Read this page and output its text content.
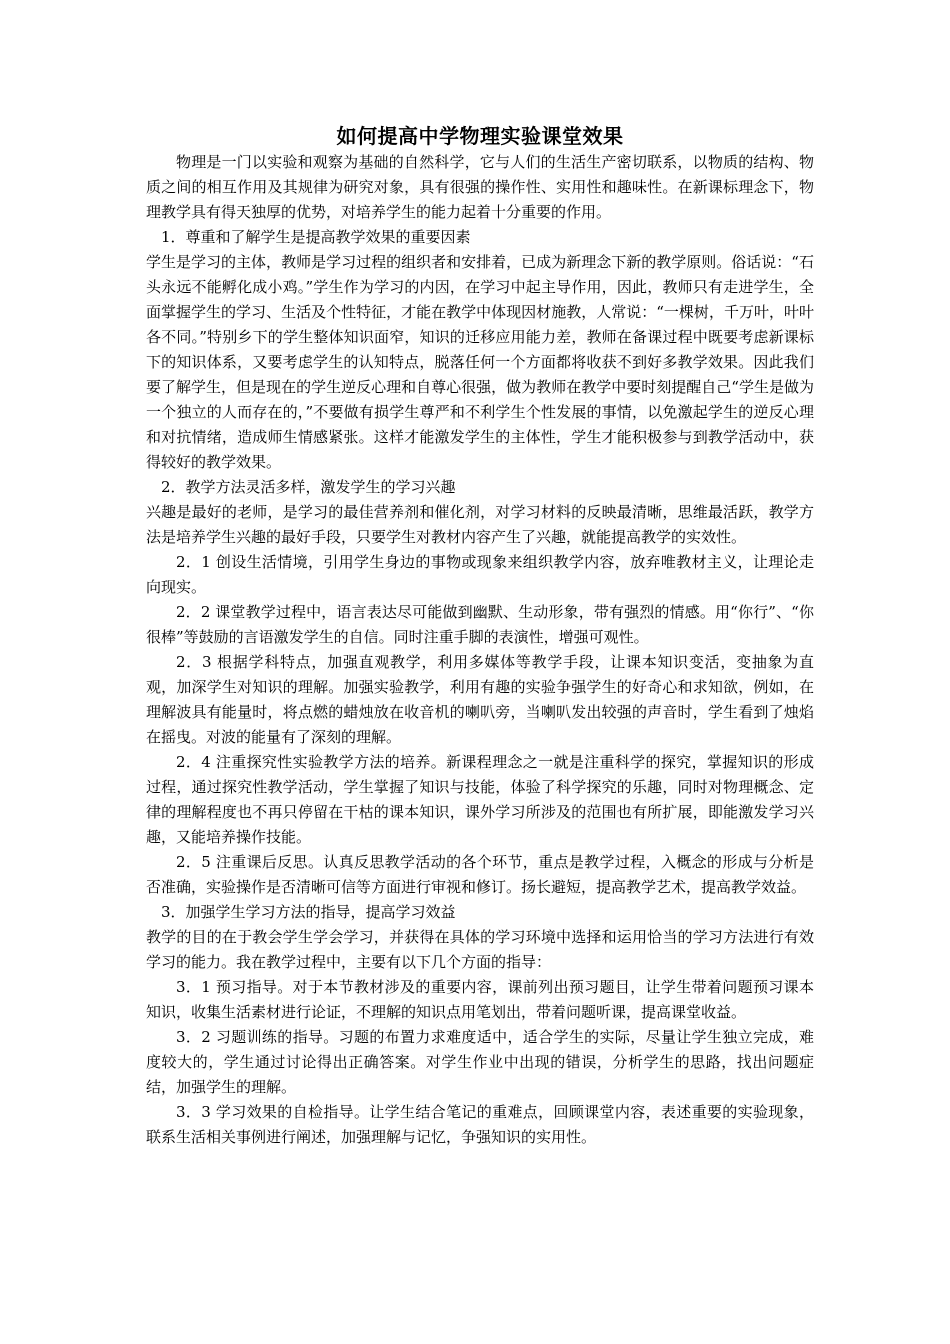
如何提高中学物理实验课堂效果

物理是一门以实验和观察为基础的自然科学，它与人们的生活生产密切联系，以物质的结构、物质之间的相互作用及其规律为研究对象，具有很强的操作性、实用性和趣味性。在新课标理念下，物理教学具有得天独厚的优势，对培养学生的能力起着十分重要的作用。

1．尊重和了解学生是提高教学效果的重要因素

学生是学习的主体，教师是学习过程的组织者和安排着，已成为新理念下新的教学原则。俗话说：“石头永远不能孵化成小鸡。”学生作为学习的内因，在学习中起主导作用，因此，教师只有走进学生，全面掌握学生的学习、生活及个性特征，才能在教学中体现因材施教，人常说：“一棵树，千万叶，叶叶各不同。”特别乡下的学生整体知识面窄，知识的迁移应用能力差，教师在备课过程中既要考虑新课标下的知识体系，又要考虑学生的认知特点，脱落任何一个方面都将收获不到好多教学效果。因此我们要了解学生，但是现在的学生逆反心理和自尊心很强，做为教师在教学中要时刻提醒自己“学生是做为一个独立的人而存在的，”不要做有损学生尊严和不利学生个性发展的事情，以免激起学生的逆反心理和对抗情绪，造成师生情感紧张。这样才能激发学生的主体性，学生才能积极参与到教学活动中，获得较好的教学效果。

2．教学方法灵活多样，激发学生的学习兴趣

兴趣是最好的老师，是学习的最佳营养剂和催化剂，对学习材料的反映最清晰，思维最活跃，教学方法是培养学生兴趣的最好手段，只要学生对教材内容产生了兴趣，就能提高教学的实效性。

2．1 创设生活情境，引用学生身边的事物或现象来组织教学内容，放弃唯教材主义，让理论走向现实。

2．2 课堂教学过程中，语言表达尽可能做到幽默、生动形象，带有强烈的情感。用“你行”、“你很棒”等鼓励的言语激发学生的自信。同时注重手脚的表演性，增强可观性。

2．3 根据学科特点，加强直观教学，利用多媒体等教学手段，让课本知识变活，变抽象为直观，加深学生对知识的理解。加强实验教学，利用有趣的实验争强学生的好奇心和求知欲，例如，在理解波具有能量时，将点燃的蜡烛放在收音机的喇叭旁，当喇叭发出较强的声音时，学生看到了烛焰在摇曳。对波的能量有了深刻的理解。

2．4 注重探究性实验教学方法的培养。新课程理念之一就是注重科学的探究，掌握知识的形成过程，通过探究性教学活动，学生掌握了知识与技能，体验了科学探究的乐趣，同时对物理概念、定律的理解程度也不再只停留在干枯的课本知识，课外学习所涉及的范围也有所扩展，即能激发学习兴趣，又能培养操作技能。

2．5 注重课后反思。认真反思教学活动的各个环节，重点是教学过程，入概念的形成与分析是否准确，实验操作是否清晰可信等方面进行审视和修订。扬长避短，提高教学艺术，提高教学效益。

3．加强学生学习方法的指导，提高学习效益

教学的目的在于教会学生学会学习，并获得在具体的学习环境中选择和运用恰当的学习方法进行有效学习的能力。我在教学过程中，主要有以下几个方面的指导：

3．1 预习指导。对于本节教材涉及的重要内容，课前列出预习题目，让学生带着问题预习课本知识，收集生活素材进行论证，不理解的知识点用笔划出，带着问题听课，提高课堂收益。

3．2 习题训练的指导。习题的布置力求难度适中，适合学生的实际，尽量让学生独立完成，难度较大的，学生通过讨论得出正确答案。对学生作业中出现的错误，分析学生的思路，找出问题症结，加强学生的理解。

3．3 学习效果的自检指导。让学生结合笔记的重难点，回顾课堂内容，表述重要的实验现象，联系生活相关事例进行阐述，加强理解与记忆，争强知识的实用性。
